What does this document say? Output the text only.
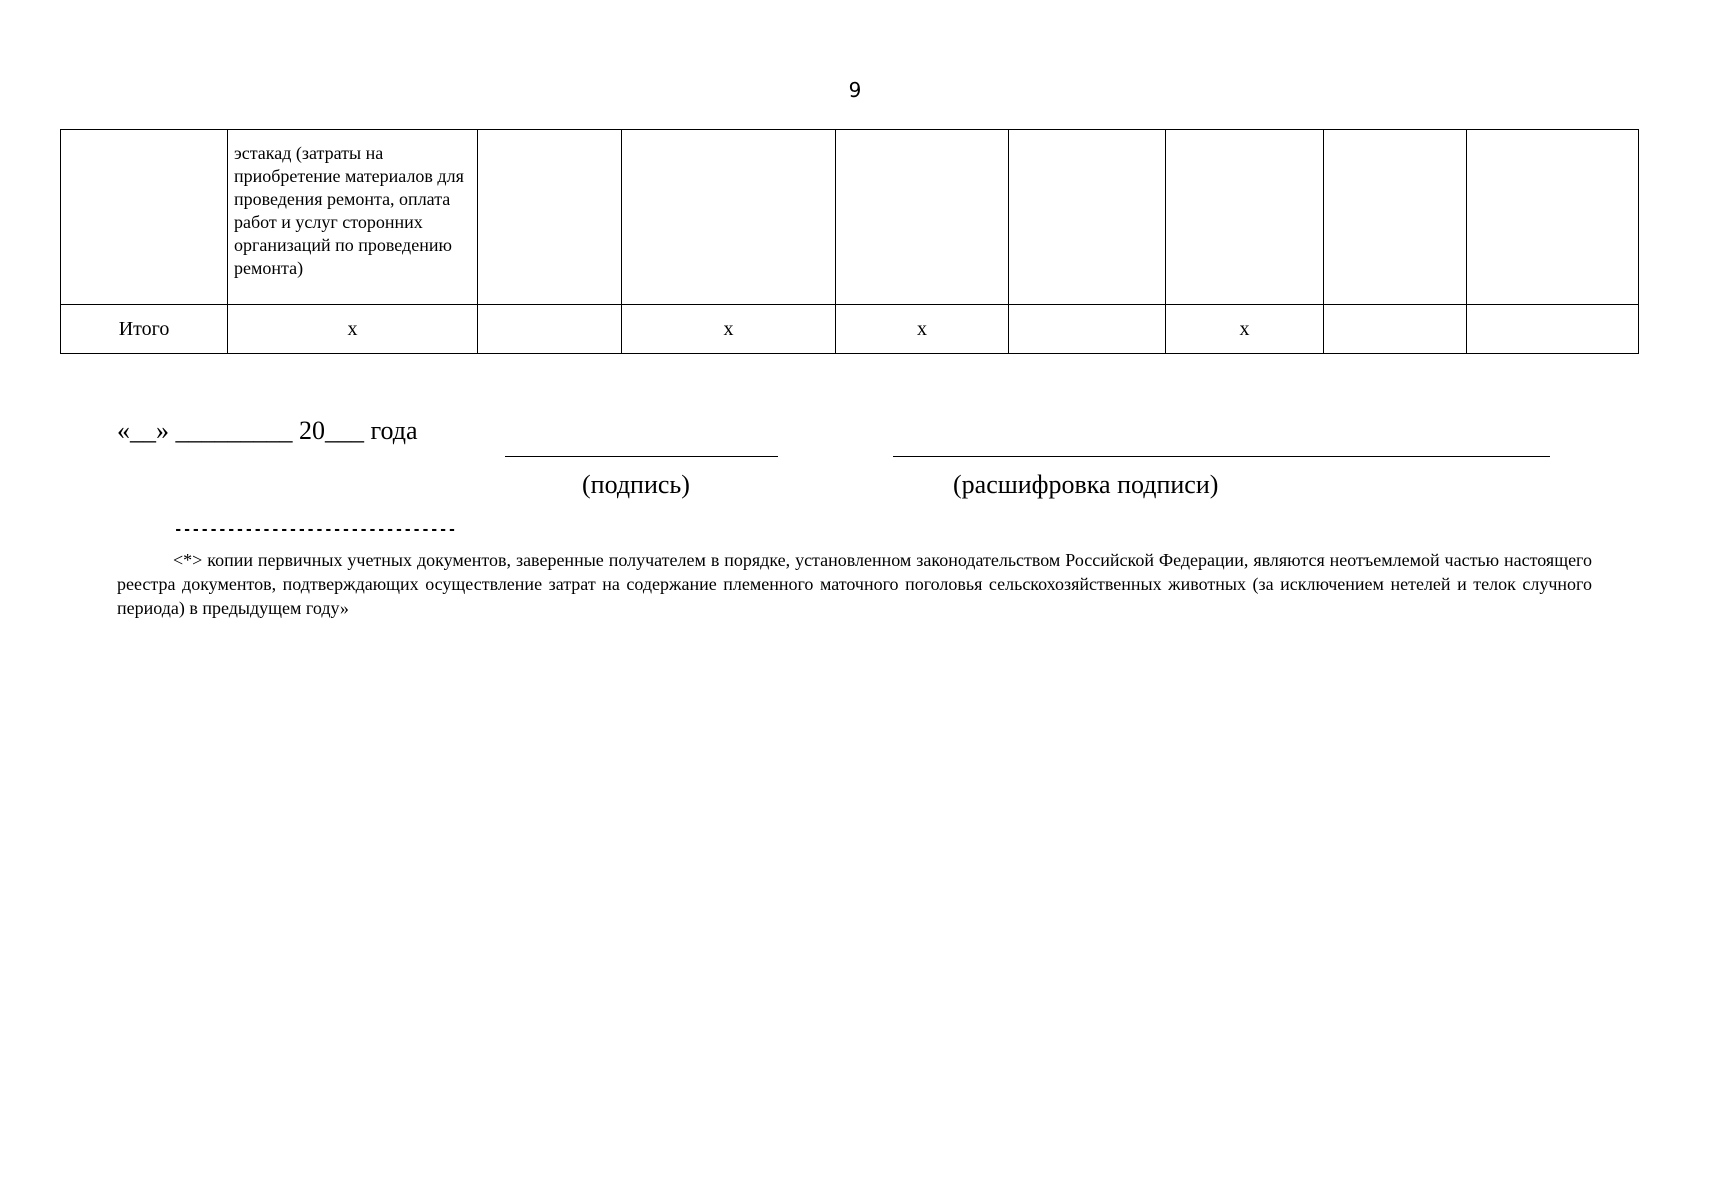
9
	эстакад (затраты на приобретение материалов для проведения ремонта, оплата работ и услуг сторонних организаций по проведению ремонта)							
Итого	х		х	х		х		
«__» _________ 20___ года
(подпись)	(расшифровка подписи)
--------------------------------
<*> копии первичных учетных документов, заверенные получателем в порядке, установленном законодательством Российской Федерации, являются неотъемлемой частью настоящего реестра документов, подтверждающих осуществление затрат на содержание племенного маточного поголовья сельскохозяйственных животных (за исключением нетелей и телок случного периода) в предыдущем году»
